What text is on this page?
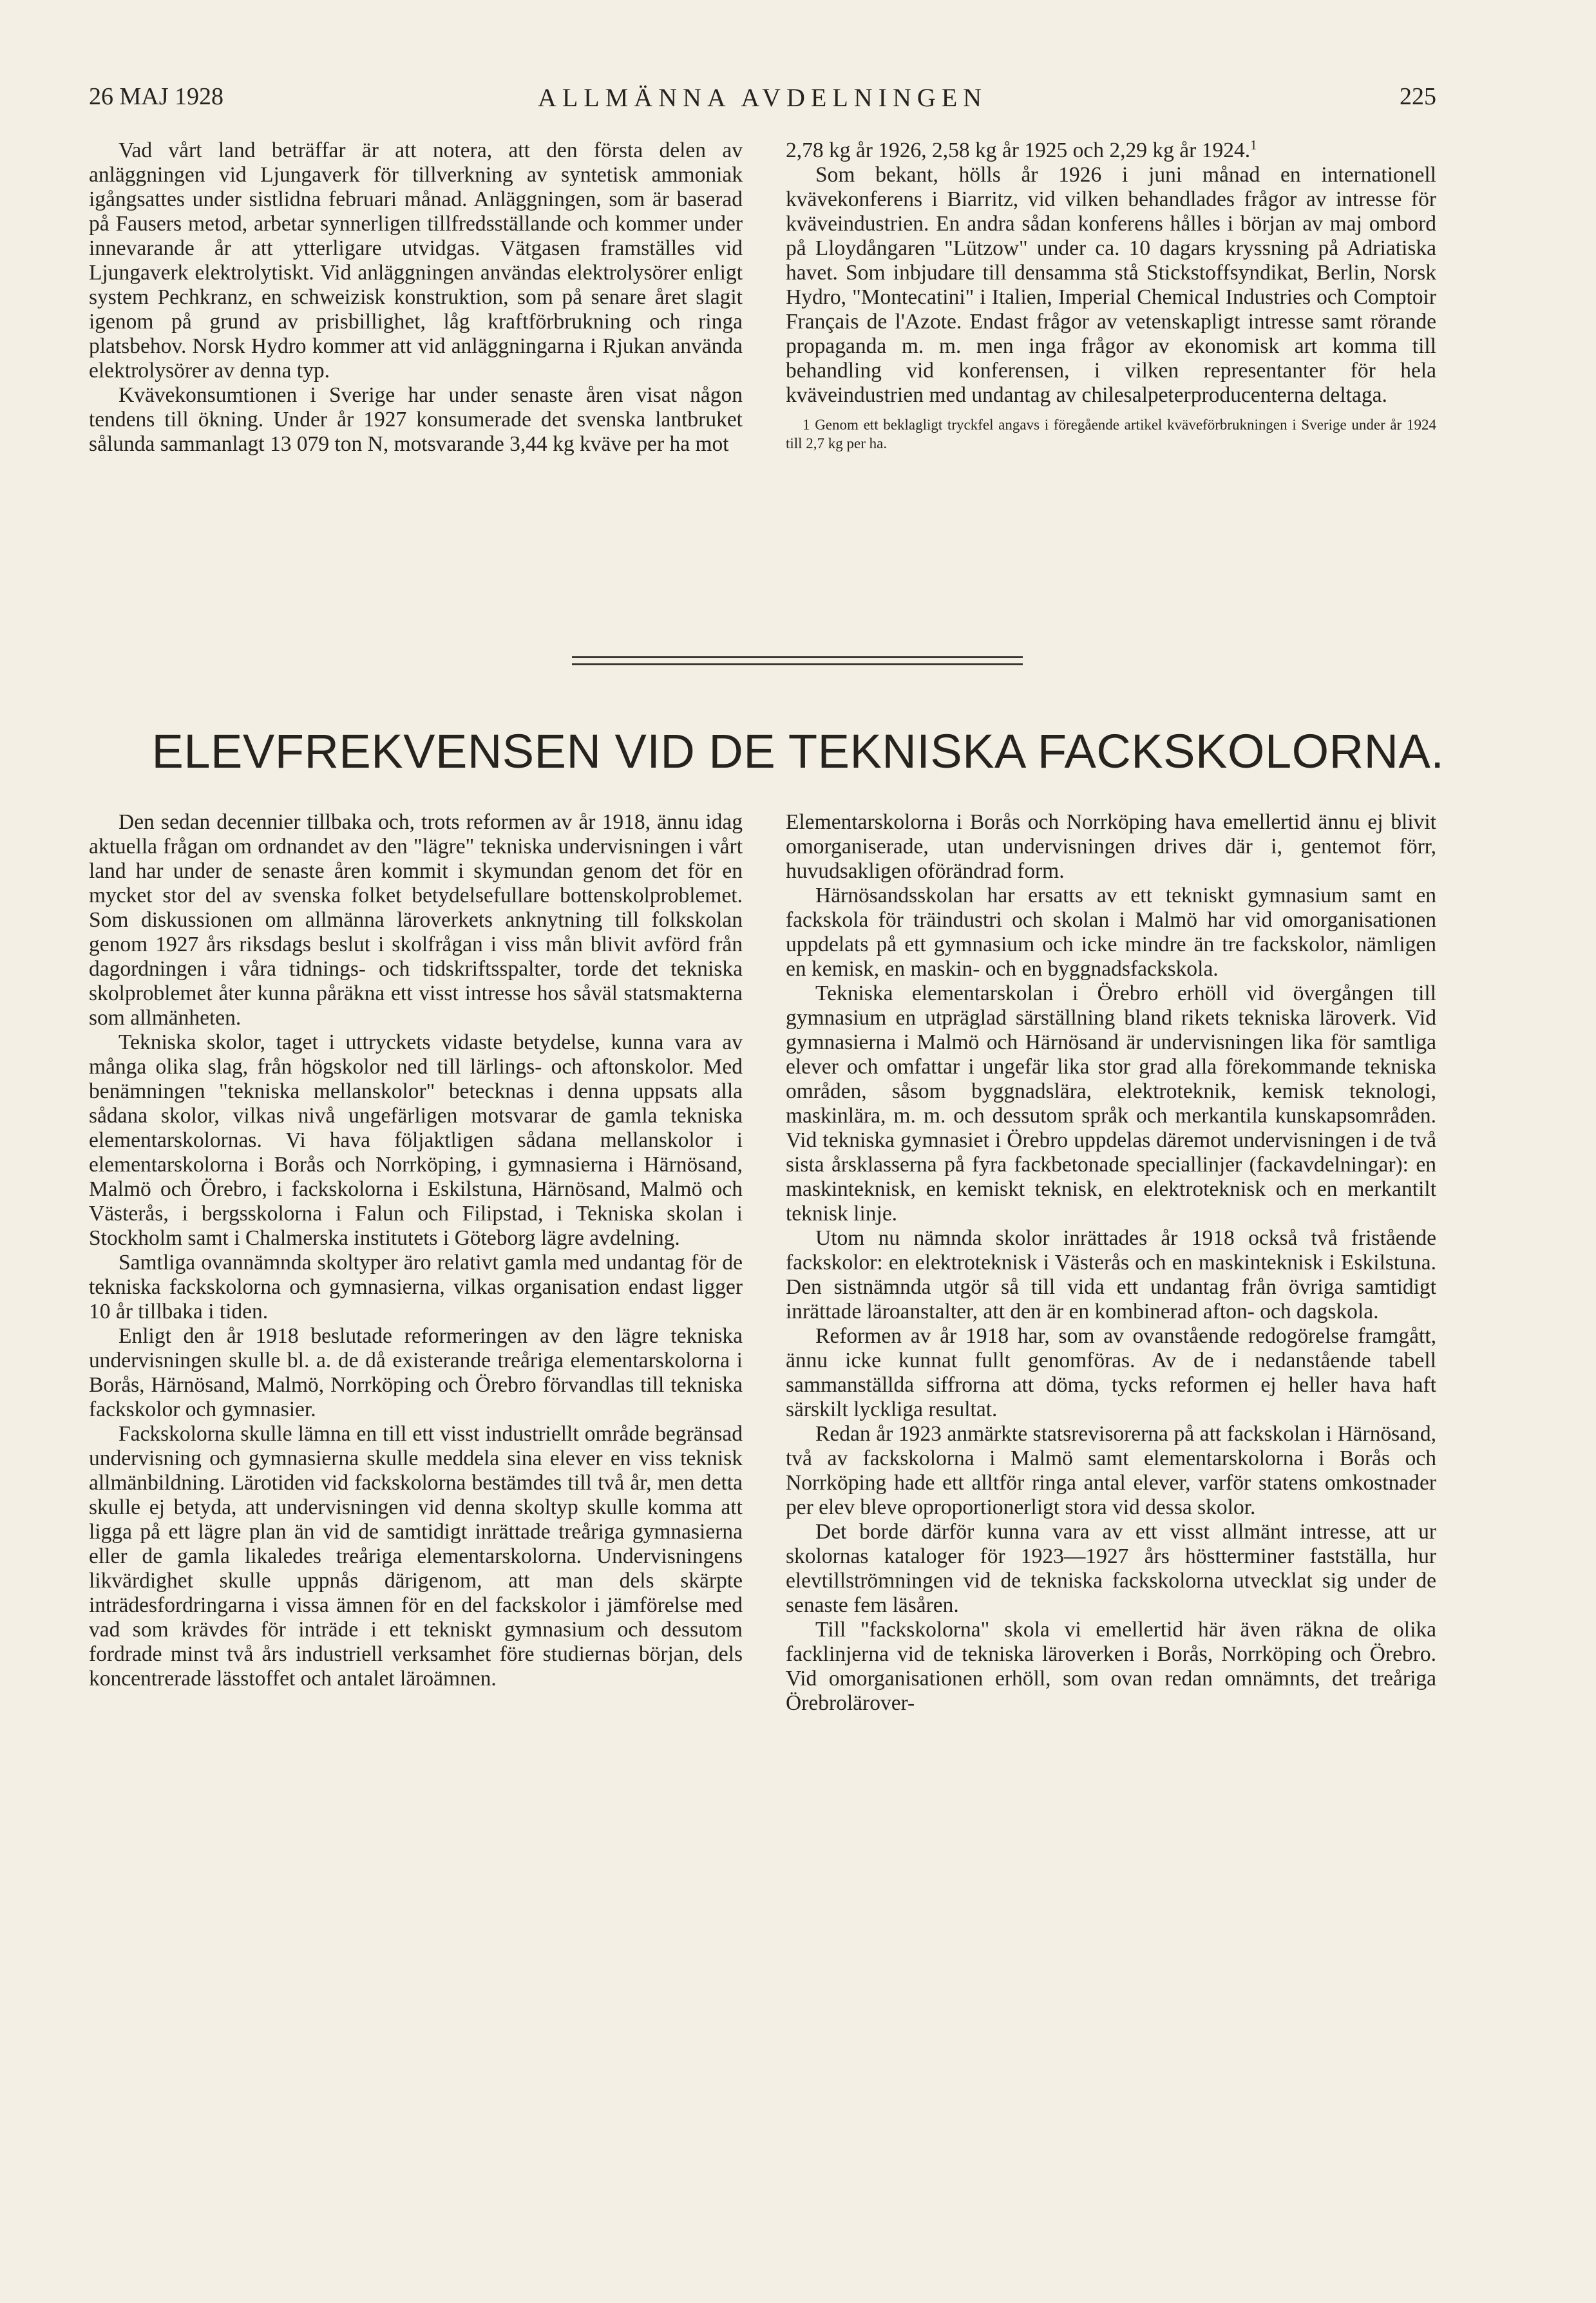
26 MAJ 1928	ALLMÄNNA AVDELNINGEN	225

Vad vårt land beträffar är att notera, att den första delen av anläggningen vid Ljungaverk för tillverkning av syntetisk ammoniak igångsattes under sistlidna februari månad. Anläggningen, som är baserad på Fausers metod, arbetar synnerligen tillfredsställande och kommer under innevarande år att ytterligare utvidgas. Vätgasen framställes vid Ljungaverk elektrolytiskt. Vid anläggningen användas elektrolysörer enligt system Pechkranz, en schweizisk konstruktion, som på senare året slagit igenom på grund av prisbillighet, låg kraftförbrukning och ringa platsbehov. Norsk Hydro kommer att vid anläggningarna i Rjukan använda elektrolysörer av denna typ.

Kvävekonsumtionen i Sverige har under senaste åren visat någon tendens till ökning. Under år 1927 konsumerade det svenska lantbruket sålunda sammanlagt 13 079 ton N, motsvarande 3,44 kg kväve per ha mot

2,78 kg år 1926, 2,58 kg år 1925 och 2,29 kg år 1924.$^1$

Som bekant, hölls år 1926 i juni månad en internationell kvävekonferens i Biarritz, vid vilken behandlades frågor av intresse för kväveindustrien. En andra sådan konferens hålles i början av maj ombord på Lloydångaren "Lützow" under ca. 10 dagars kryssning på Adriatiska havet. Som inbjudare till densamma stå Stickstoffsyndikat, Berlin, Norsk Hydro, "Montecatini" i Italien, Imperial Chemical Industries och Comptoir Français de l'Azote. Endast frågor av vetenskapligt intresse samt rörande propaganda m. m. men inga frågor av ekonomisk art komma till behandling vid konferensen, i vilken representanter för hela kväveindustrien med undantag av chilesalpeterproducenterna deltaga.

1 Genom ett beklagligt tryckfel angavs i föregående artikel kväveförbrukningen i Sverige under år 1924 till 2,7 kg per ha.
ELEVFREKVENSEN VID DE TEKNISKA FACKSKOLORNA.

Den sedan decennier tillbaka och, trots reformen av år 1918, ännu idag aktuella frågan om ordnandet av den "lägre" tekniska undervisningen i vårt land har under de senaste åren kommit i skymundan genom det för en mycket stor del av svenska folket betydelsefullare bottenskolproblemet. Som diskussionen om allmänna läroverkets anknytning till folkskolan genom 1927 års riksdags beslut i skolfrågan i viss mån blivit avförd från dagordningen i våra tidnings- och tidskriftsspalter, torde det tekniska skolproblemet åter kunna påräkna ett visst intresse hos såväl statsmakterna som allmänheten.

Tekniska skolor, taget i uttryckets vidaste betydelse, kunna vara av många olika slag, från högskolor ned till lärlings- och aftonskolor. Med benämningen "tekniska mellanskolor" betecknas i denna uppsats alla sådana skolor, vilkas nivå ungefärligen motsvarar de gamla tekniska elementarskolornas. Vi hava följaktligen sådana mellanskolor i elementarskolorna i Borås och Norrköping, i gymnasierna i Härnösand, Malmö och Örebro, i fackskolorna i Eskilstuna, Härnösand, Malmö och Västerås, i bergsskolorna i Falun och Filipstad, i Tekniska skolan i Stockholm samt i Chalmerska institutets i Göteborg lägre avdelning.

Samtliga ovannämnda skoltyper äro relativt gamla med undantag för de tekniska fackskolorna och gymnasierna, vilkas organisation endast ligger 10 år tillbaka i tiden.

Enligt den år 1918 beslutade reformeringen av den lägre tekniska undervisningen skulle bl. a. de då existerande treåriga elementarskolorna i Borås, Härnösand, Malmö, Norrköping och Örebro förvandlas till tekniska fackskolor och gymnasier.

Fackskolorna skulle lämna en till ett visst industriellt område begränsad undervisning och gymnasierna skulle meddela sina elever en viss teknisk allmänbildning. Lärotiden vid fackskolorna bestämdes till två år, men detta skulle ej betyda, att undervisningen vid denna skoltyp skulle komma att ligga på ett lägre plan än vid de samtidigt inrättade treåriga gymnasierna eller de gamla likaledes treåriga elementarskolorna. Undervisningens likvärdighet skulle uppnås därigenom, att man dels skärpte inträdesfordringarna i vissa ämnen för en del fackskolor i jämförelse med vad som krävdes för inträde i ett tekniskt gymnasium och dessutom fordrade minst två års industriell verksamhet före studiernas början, dels koncentrerade lässtoffet och antalet läroämnen.

Elementarskolorna i Borås och Norrköping hava emellertid ännu ej blivit omorganiserade, utan undervisningen drives där i, gentemot förr, huvudsakligen oförändrad form.

Härnösandsskolan har ersatts av ett tekniskt gymnasium samt en fackskola för träindustri och skolan i Malmö har vid omorganisationen uppdelats på ett gymnasium och icke mindre än tre fackskolor, nämligen en kemisk, en maskin- och en byggnadsfackskola.

Tekniska elementarskolan i Örebro erhöll vid övergången till gymnasium en utpräglad särställning bland rikets tekniska läroverk. Vid gymnasierna i Malmö och Härnösand är undervisningen lika för samtliga elever och omfattar i ungefär lika stor grad alla förekommande tekniska områden, såsom byggnadslära, elektroteknik, kemisk teknologi, maskinlära, m. m. och dessutom språk och merkantila kunskapsområden. Vid tekniska gymnasiet i Örebro uppdelas däremot undervisningen i de två sista årsklasserna på fyra fackbetonade speciallinjer (fackavdelningar): en maskinteknisk, en kemiskt teknisk, en elektroteknisk och en merkantilt teknisk linje.

Utom nu nämnda skolor inrättades år 1918 också två fristående fackskolor: en elektroteknisk i Västerås och en maskinteknisk i Eskilstuna. Den sistnämnda utgör så till vida ett undantag från övriga samtidigt inrättade läroanstalter, att den är en kombinerad afton- och dagskola.

Reformen av år 1918 har, som av ovanstående redogörelse framgått, ännu icke kunnat fullt genomföras. Av de i nedanstående tabell sammanställda siffrorna att döma, tycks reformen ej heller hava haft särskilt lyckliga resultat.

Redan år 1923 anmärkte statsrevisorerna på att fackskolan i Härnösand, två av fackskolorna i Malmö samt elementarskolorna i Borås och Norrköping hade ett alltför ringa antal elever, varför statens omkostnader per elev bleve oproportionerligt stora vid dessa skolor.

Det borde därför kunna vara av ett visst allmänt intresse, att ur skolornas kataloger för 1923—1927 års höstterminer fastställa, hur elevtillströmningen vid de tekniska fackskolorna utvecklat sig under de senaste fem läsåren.

Till "fackskolorna" skola vi emellertid här även räkna de olika facklinjerna vid de tekniska läroverken i Borås, Norrköping och Örebro. Vid omorganisationen erhöll, som ovan redan omnämnts, det treåriga Örebrolärover-
